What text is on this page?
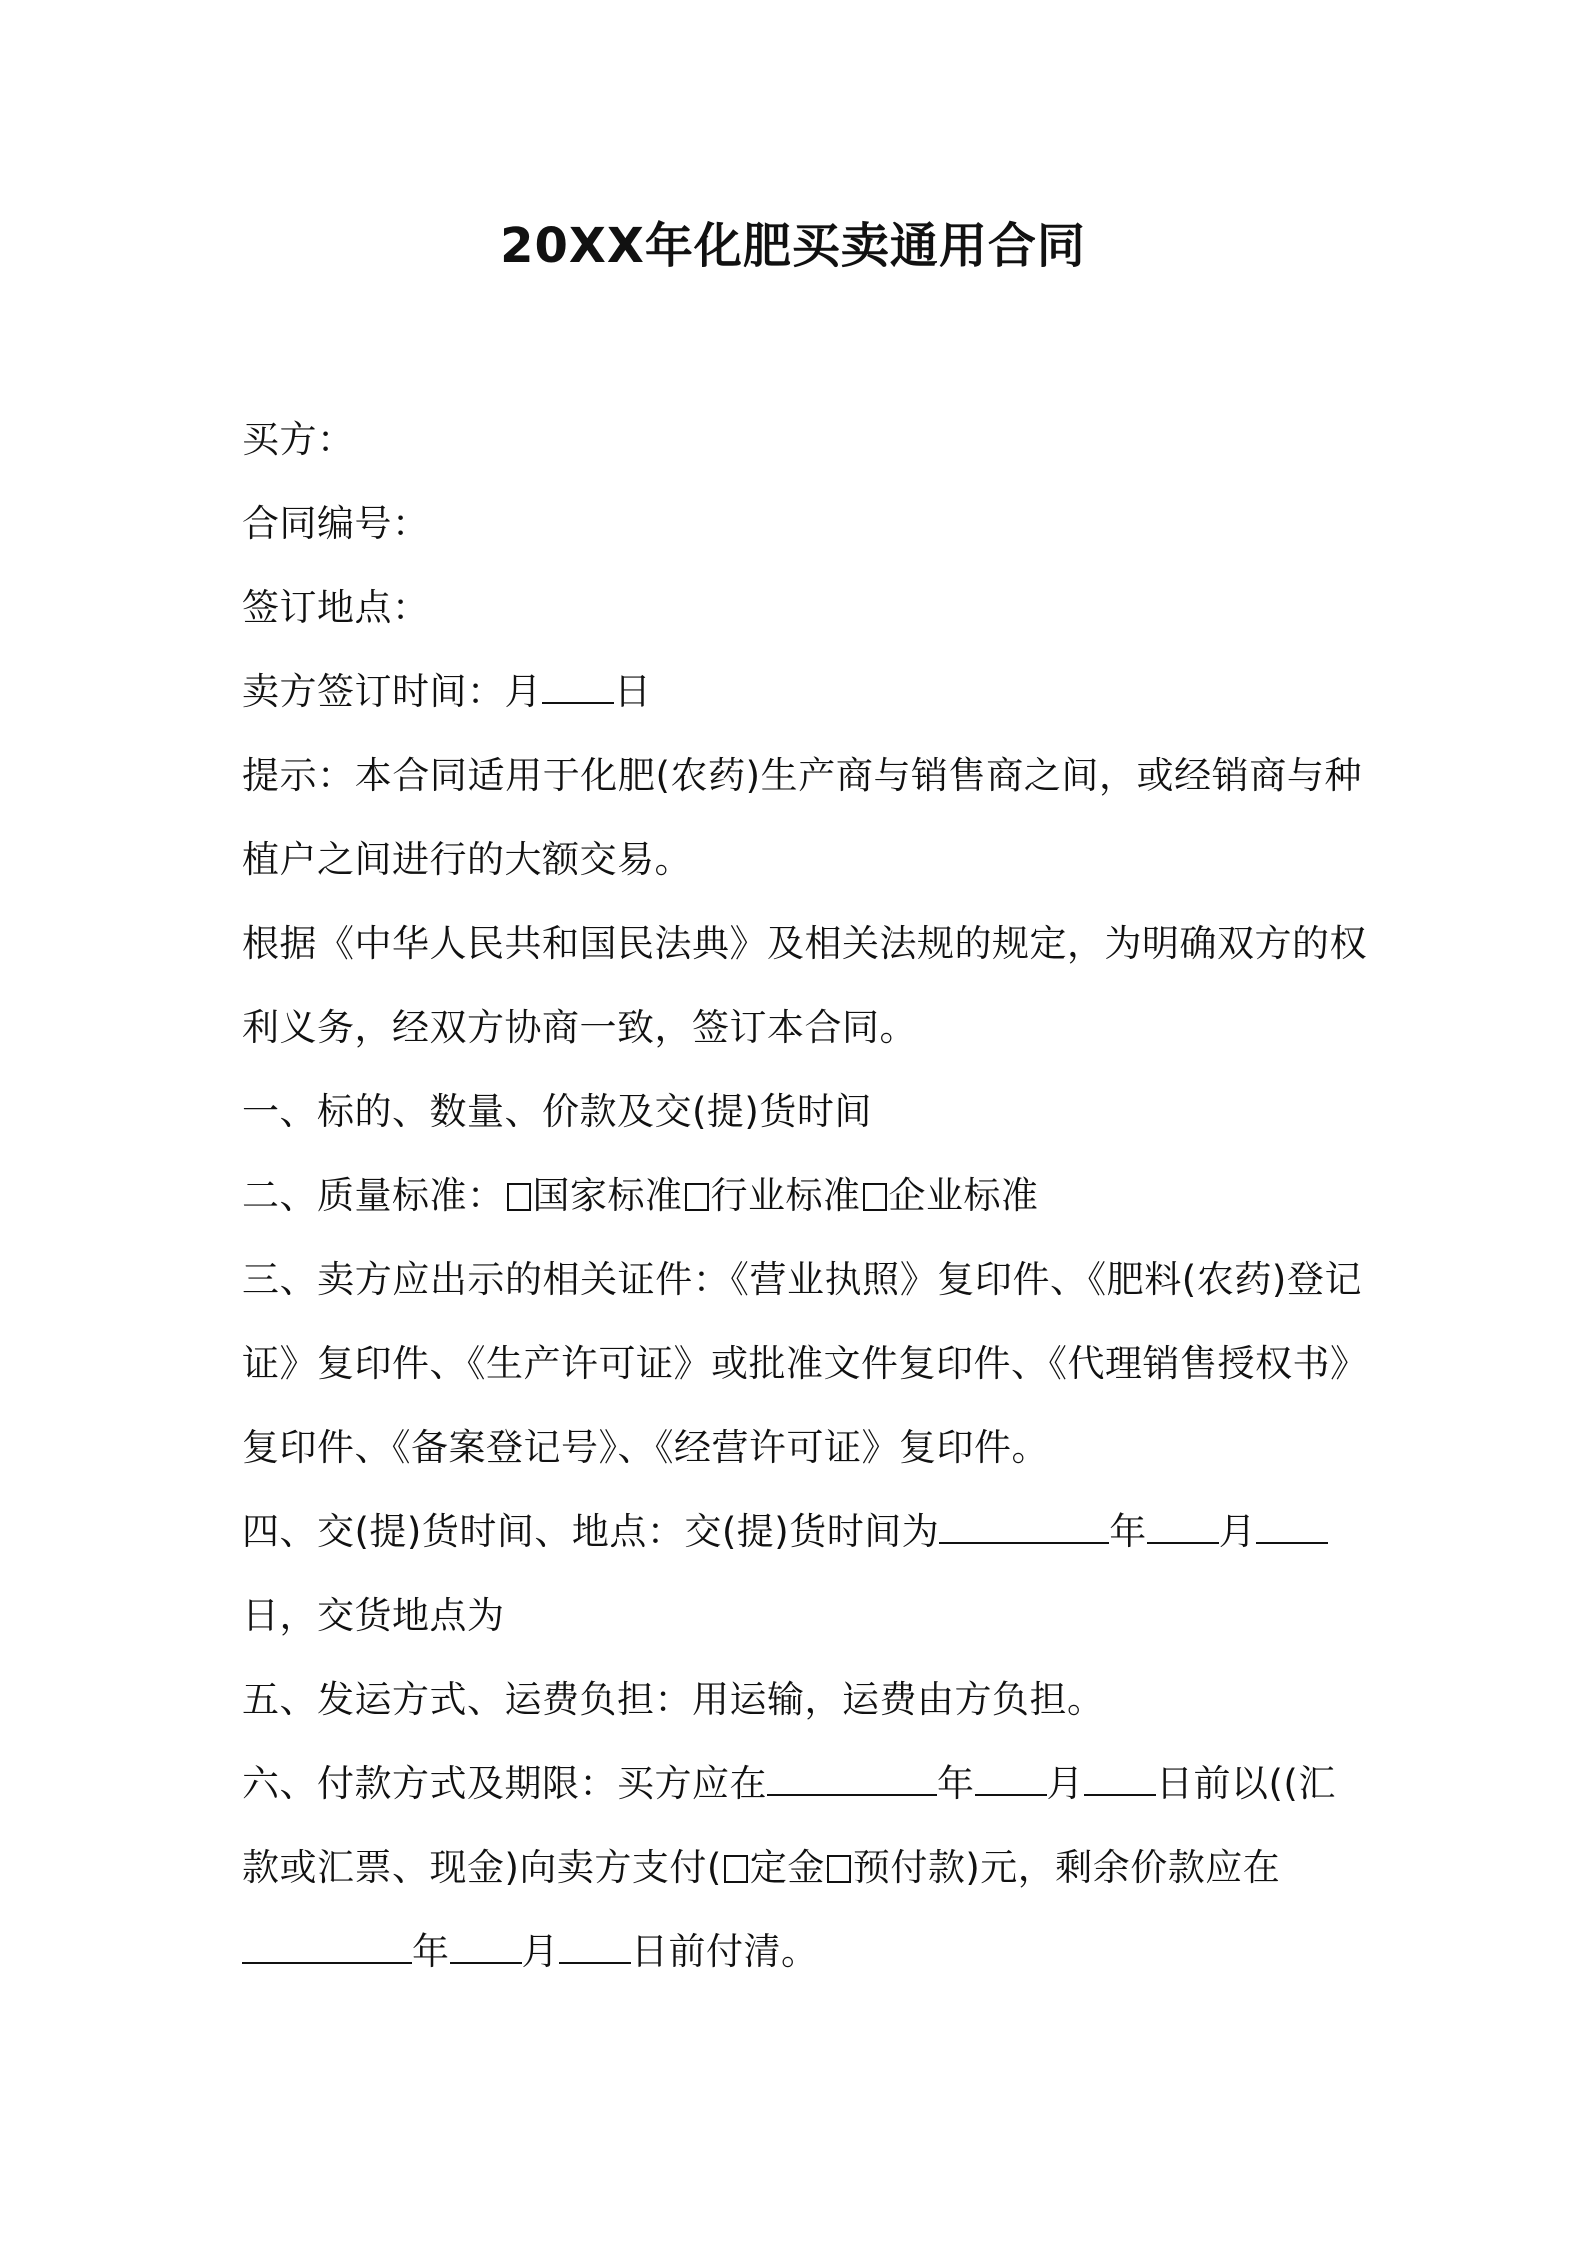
20XX年化肥买卖通用合同
买方：
合同编号：
签订地点：
卖方签订时间：月 日
提示：本合同适用于化肥(农药)生产商与销售商之间，或经销商与种
植户之间进行的大额交易。
根据《中华人民共和国民法典》及相关法规的规定，为明确双方的权
利义务，经双方协商一致，签订本合同。
一、标的、数量、价款及交(提)货时间
二、质量标准： 国家标准 行业标准 企业标准
三、卖方应出示的相关证件：《营业执照》复印件、《肥料(农药)登记
证》复印件、《生产许可证》或批准文件复印件、《代理销售授权书》
复印件、《备案登记号》、《经营许可证》复印件。
四、交(提)货时间、地点：交(提)货时间为	年 月
日，交货地点为
五、发运方式、运费负担：用运输，运费由方负担。
六、付款方式及期限：买方应在	年 月 日前以((汇
款或汇票、现金)向卖方支付( 定金 预付款)元，剩余价款应在
年 月 日前付清。
